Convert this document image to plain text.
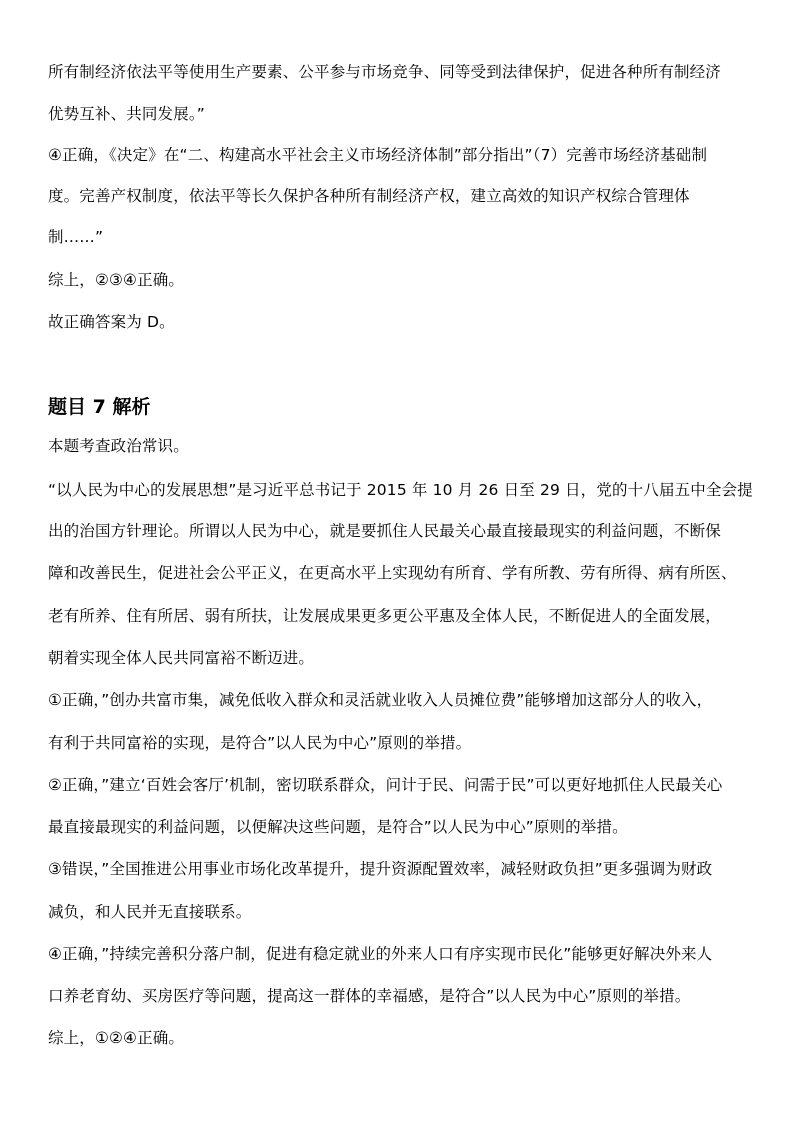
所有制经济依法平等使用生产要素、公平参与市场竞争、同等受到法律保护，促进各种所有制经济
优势互补、共同发展。”
④正确，《决定》在“二、构建高水平社会主义市场经济体制”部分指出”（7）完善市场经济基础制
度。完善产权制度，依法平等长久保护各种所有制经济产权，建立高效的知识产权综合管理体
制……”
综上，②③④正确。
故正确答案为 D。
题目 7 解析
本题考查政治常识。
“以人民为中心的发展思想”是习近平总书记于 2015 年 10 月 26 日至 29 日，党的十八届五中全会提
出的治国方针理论。所谓以人民为中心，就是要抓住人民最关心最直接最现实的利益问题，不断保
障和改善民生，促进社会公平正义，在更高水平上实现幼有所育、学有所教、劳有所得、病有所医、
老有所养、住有所居、弱有所扶，让发展成果更多更公平惠及全体人民，不断促进人的全面发展，
朝着实现全体人民共同富裕不断迈进。
①正确，”创办共富市集，减免低收入群众和灵活就业收入人员摊位费”能够增加这部分人的收入，
有利于共同富裕的实现，是符合”以人民为中心”原则的举措。
②正确，”建立‘百姓会客厅’机制，密切联系群众，问计于民、问需于民”可以更好地抓住人民最关心
最直接最现实的利益问题，以便解决这些问题，是符合”以人民为中心”原则的举措。
③错误，”全国推进公用事业市场化改革提升，提升资源配置效率，减轻财政负担”更多强调为财政
减负，和人民并无直接联系。
④正确，”持续完善积分落户制，促进有稳定就业的外来人口有序实现市民化”能够更好解决外来人
口养老育幼、买房医疗等问题，提高这一群体的幸福感，是符合”以人民为中心”原则的举措。
综上，①②④正确。
